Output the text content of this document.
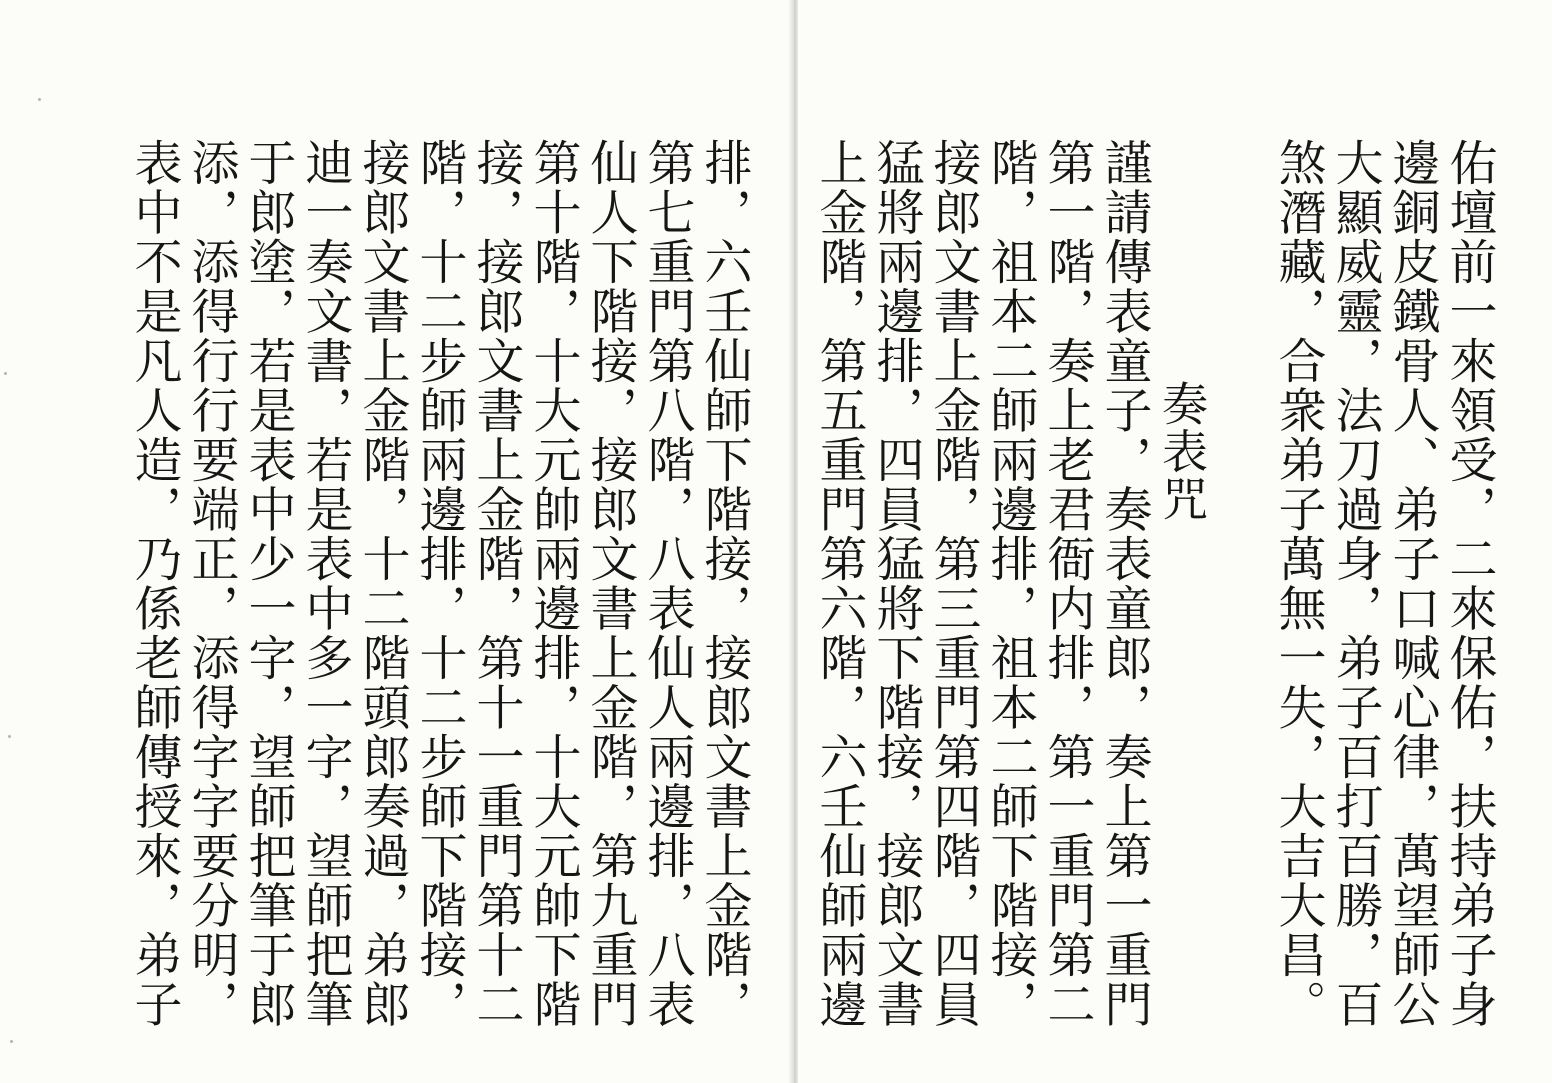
排，六壬仙師下階接，接郎文書上金階，
第七重門第八階，八表仙人兩邊排，八表
仙人下階接，接郎文書上金階，第九重門
第十階，十大元帥兩邊排，十大元帥下階
接，接郎文書上金階，第十一重門第十二
階，十二步師兩邊排，十二步師下階接，
接郎文書上金階，十二階頭郎奏過，弟郎
迪一奏文書，若是表中多一字，望師把筆
于郎塗，若是表中少一字，望師把筆于郎
添，添得行行要端正，添得字字要分明，
表中不是凡人造，乃係老師傳授來，弟子	佑壇前一來領受，二來保佑，扶持弟子身
邊銅皮鐵骨人、弟子口喊心律，萬望師公
大顯威靈，法刀過身，弟子百打百勝，百
煞潛藏，合衆弟子萬無一失，大吉大昌。
奏表咒
謹請傳表童子，奏表童郎，奏上第一重門
第一階，奏上老君衙内排，第一重門第二
階，祖本二師兩邊排，祖本二師下階接，
接郎文書上金階，第三重門第四階，四員
猛將兩邊排，四員猛將下階接，接郎文書
上金階，第五重門第六階，六壬仙師兩邊
